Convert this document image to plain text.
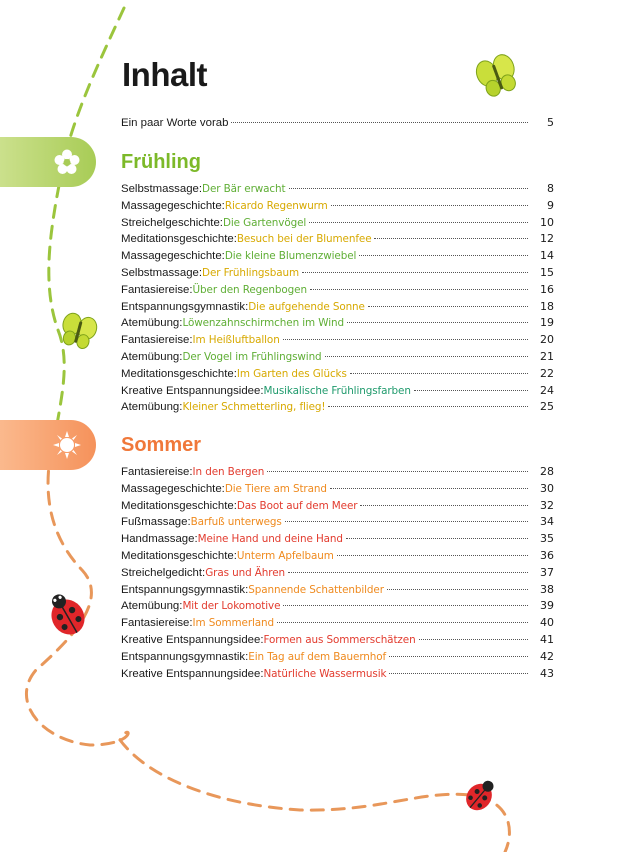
Inhalt
Ein paar Worte vorab	5
Frühling
Selbstmassage: Der Bär erwacht	8
Massagegeschichte: Ricardo Regenwurm	9
Streichelgeschichte: Die Gartenvögel	10
Meditationsgeschichte: Besuch bei der Blumenfee	12
Massagegeschichte: Die kleine Blumenzwiebel	14
Selbstmassage: Der Frühlingsbaum	15
Fantasiereise: Über den Regenbogen	16
Entspannungsgymnastik: Die aufgehende Sonne	18
Atemübung: Löwenzahnschirmchen im Wind	19
Fantasiereise: Im Heißluftballon	20
Atemübung: Der Vogel im Frühlingswind	21
Meditationsgeschichte: Im Garten des Glücks	22
Kreative Entspannungsidee: Musikalische Frühlingsfarben	24
Atemübung: Kleiner Schmetterling, flieg!	25
Sommer
Fantasiereise: In den Bergen	28
Massagegeschichte: Die Tiere am Strand	30
Meditationsgeschichte: Das Boot auf dem Meer	32
Fußmassage: Barfuß unterwegs	34
Handmassage: Meine Hand und deine Hand	35
Meditationsgeschichte: Unterm Apfelbaum	36
Streichelgedicht: Gras und Ähren	37
Entspannungsgymnastik: Spannende Schattenbilder	38
Atemübung: Mit der Lokomotive	39
Fantasiereise: Im Sommerland	40
Kreative Entspannungsidee: Formen aus Sommerschätzen	41
Entspannungsgymnastik: Ein Tag auf dem Bauernhof	42
Kreative Entspannungsidee: Natürliche Wassermusik	43
